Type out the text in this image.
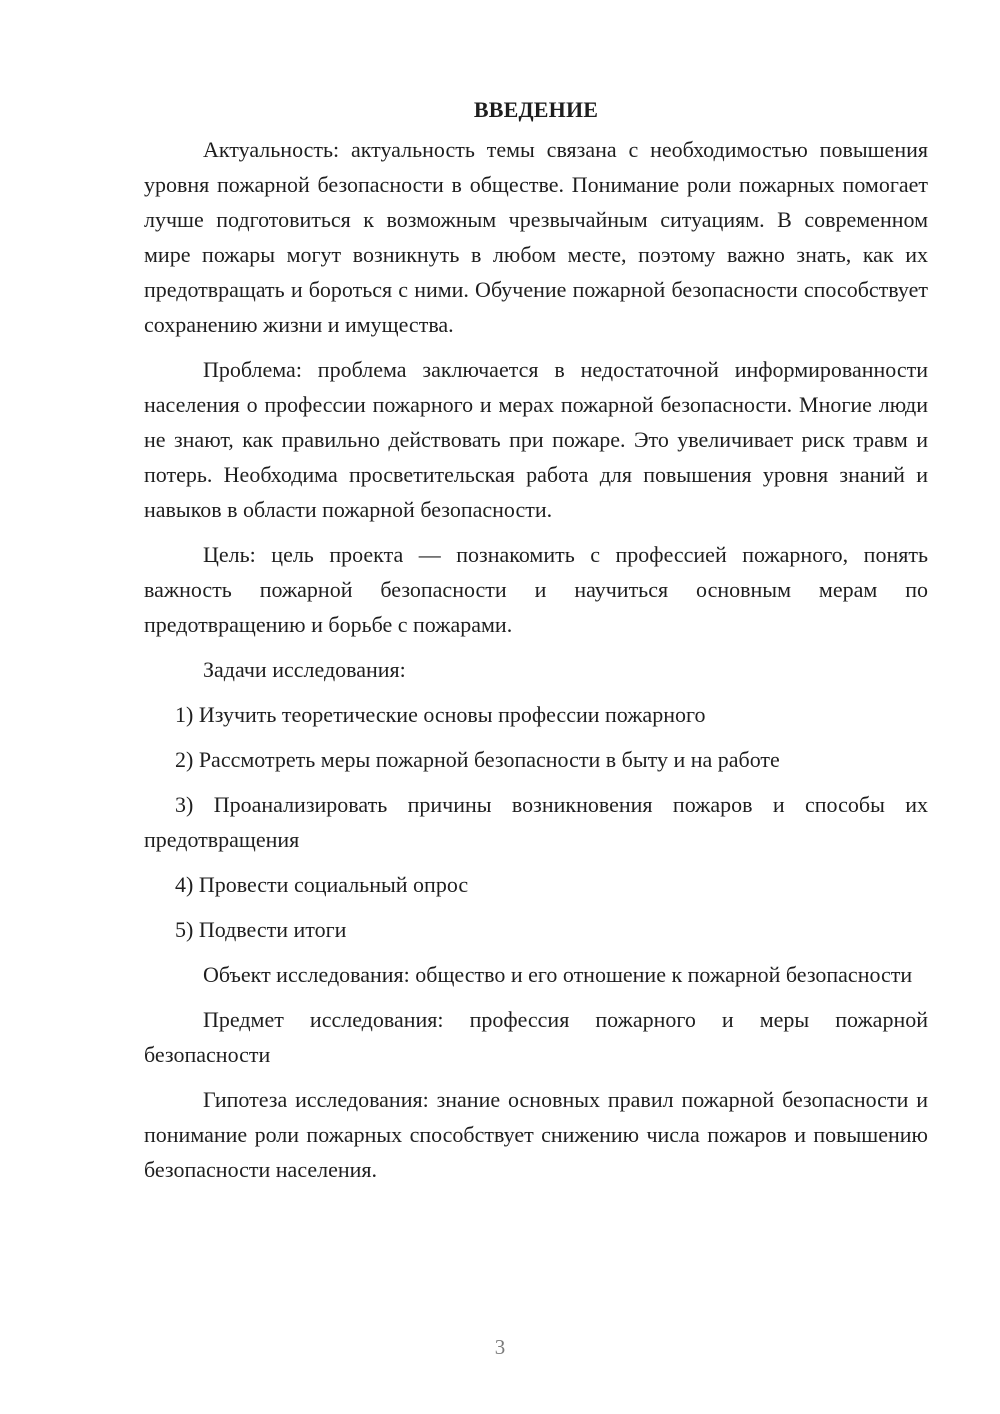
ВВЕДЕНИЕ

Актуальность: актуальность темы связана с необходимостью повышения уровня пожарной безопасности в обществе. Понимание роли пожарных помогает лучше подготовиться к возможным чрезвычайным ситуациям. В современном мире пожары могут возникнуть в любом месте, поэтому важно знать, как их предотвращать и бороться с ними. Обучение пожарной безопасности способствует сохранению жизни и имущества.

Проблема: проблема заключается в недостаточной информированности населения о профессии пожарного и мерах пожарной безопасности. Многие люди не знают, как правильно действовать при пожаре. Это увеличивает риск травм и потерь. Необходима просветительская работа для повышения уровня знаний и навыков в области пожарной безопасности.

Цель: цель проекта — познакомить с профессией пожарного, понять важность пожарной безопасности и научиться основным мерам по предотвращению и борьбе с пожарами.

Задачи исследования:

1) Изучить теоретические основы профессии пожарного

2) Рассмотреть меры пожарной безопасности в быту и на работе

3) Проанализировать причины возникновения пожаров и способы их предотвращения

4) Провести социальный опрос

5) Подвести итоги

Объект исследования: общество и его отношение к пожарной безопасности

Предмет исследования: профессия пожарного и меры пожарной безопасности

Гипотеза исследования: знание основных правил пожарной безопасности и понимание роли пожарных способствует снижению числа пожаров и повышению безопасности населения.

3
